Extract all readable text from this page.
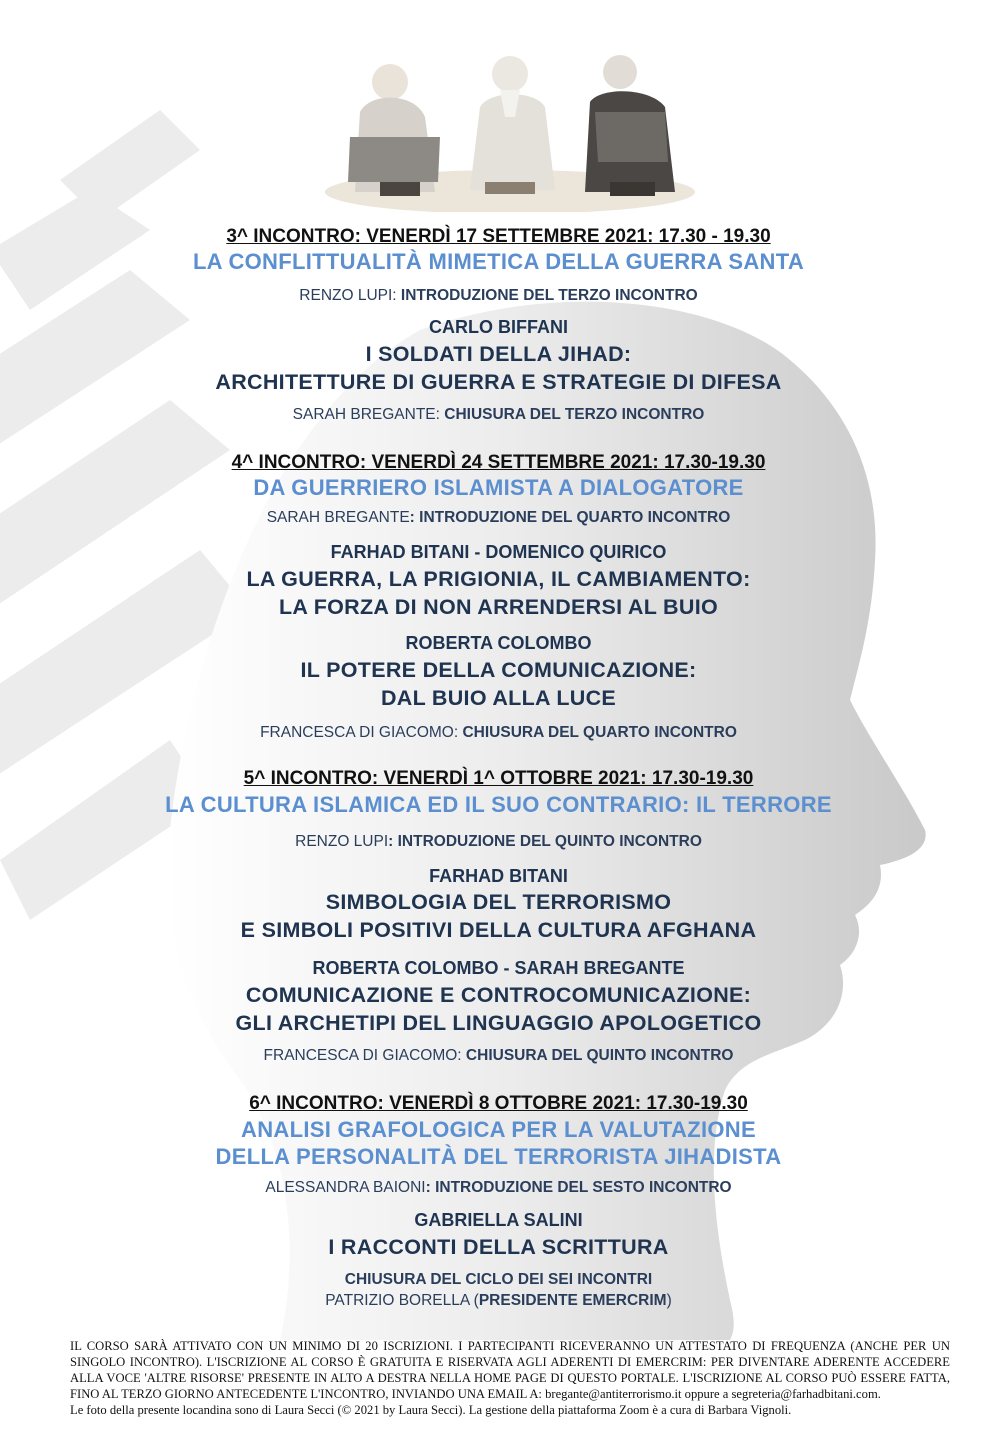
3^ INCONTRO: VENERDÌ 17 SETTEMBRE 2021: 17.30 - 19.30
LA CONFLITTUALITÀ MIMETICA DELLA GUERRA SANTA
RENZO LUPI: INTRODUZIONE DEL TERZO INCONTRO
CARLO BIFFANI
I SOLDATI DELLA JIHAD:
ARCHITETTURE DI GUERRA E STRATEGIE DI DIFESA
SARAH BREGANTE: CHIUSURA DEL TERZO INCONTRO
4^ INCONTRO: VENERDÌ 24 SETTEMBRE 2021: 17.30-19.30
DA GUERRIERO ISLAMISTA A DIALOGATORE
SARAH BREGANTE: INTRODUZIONE DEL QUARTO INCONTRO
FARHAD BITANI - DOMENICO QUIRICO
LA GUERRA, LA PRIGIONIA, IL CAMBIAMENTO:
LA FORZA DI NON ARRENDERSI AL BUIO
ROBERTA COLOMBO
IL POTERE DELLA COMUNICAZIONE:
DAL BUIO ALLA LUCE
FRANCESCA DI GIACOMO: CHIUSURA DEL QUARTO INCONTRO
5^ INCONTRO: VENERDÌ 1^ OTTOBRE 2021: 17.30-19.30
LA CULTURA ISLAMICA ED IL SUO CONTRARIO: IL TERRORE
RENZO LUPI: INTRODUZIONE DEL QUINTO INCONTRO
FARHAD BITANI
SIMBOLOGIA DEL TERRORISMO
E SIMBOLI POSITIVI DELLA CULTURA AFGHANA
ROBERTA COLOMBO - SARAH BREGANTE
COMUNICAZIONE E CONTROCOMUNICAZIONE:
GLI ARCHETIPI DEL LINGUAGGIO APOLOGETICO
FRANCESCA DI GIACOMO: CHIUSURA DEL QUINTO INCONTRO
6^ INCONTRO: VENERDÌ 8 OTTOBRE 2021: 17.30-19.30
ANALISI GRAFOLOGICA PER LA VALUTAZIONE
DELLA PERSONALITÀ DEL TERRORISTA JIHADISTA
ALESSANDRA BAIONI: INTRODUZIONE DEL SESTO INCONTRO
GABRIELLA SALINI
I RACCONTI DELLA SCRITTURA
CHIUSURA DEL CICLO DEI SEI INCONTRI
PATRIZIO BORELLA (PRESIDENTE EMERCRIM)

IL CORSO SARÀ ATTIVATO CON UN MINIMO DI 20 ISCRIZIONI. I PARTECIPANTI RICEVERANNO UN ATTESTATO DI FREQUENZA (ANCHE PER UN SINGOLO INCONTRO). L'ISCRIZIONE AL CORSO È GRATUITA E RISERVATA AGLI ADERENTI DI EMERCRIM: PER DIVENTARE ADERENTE ACCEDERE ALLA VOCE 'ALTRE RISORSE' PRESENTE IN ALTO A DESTRA NELLA HOME PAGE DI QUESTO PORTALE. L'ISCRIZIONE AL CORSO PUÒ ESSERE FATTA, FINO AL TERZO GIORNO ANTECEDENTE L'INCONTRO, INVIANDO UNA EMAIL A: bregante@antiterrorismo.it oppure a segreteria@farhadbitani.com.

Le foto della presente locandina sono di Laura Secci (© 2021 by Laura Secci). La gestione della piattaforma Zoom è a cura di Barbara Vignoli.
